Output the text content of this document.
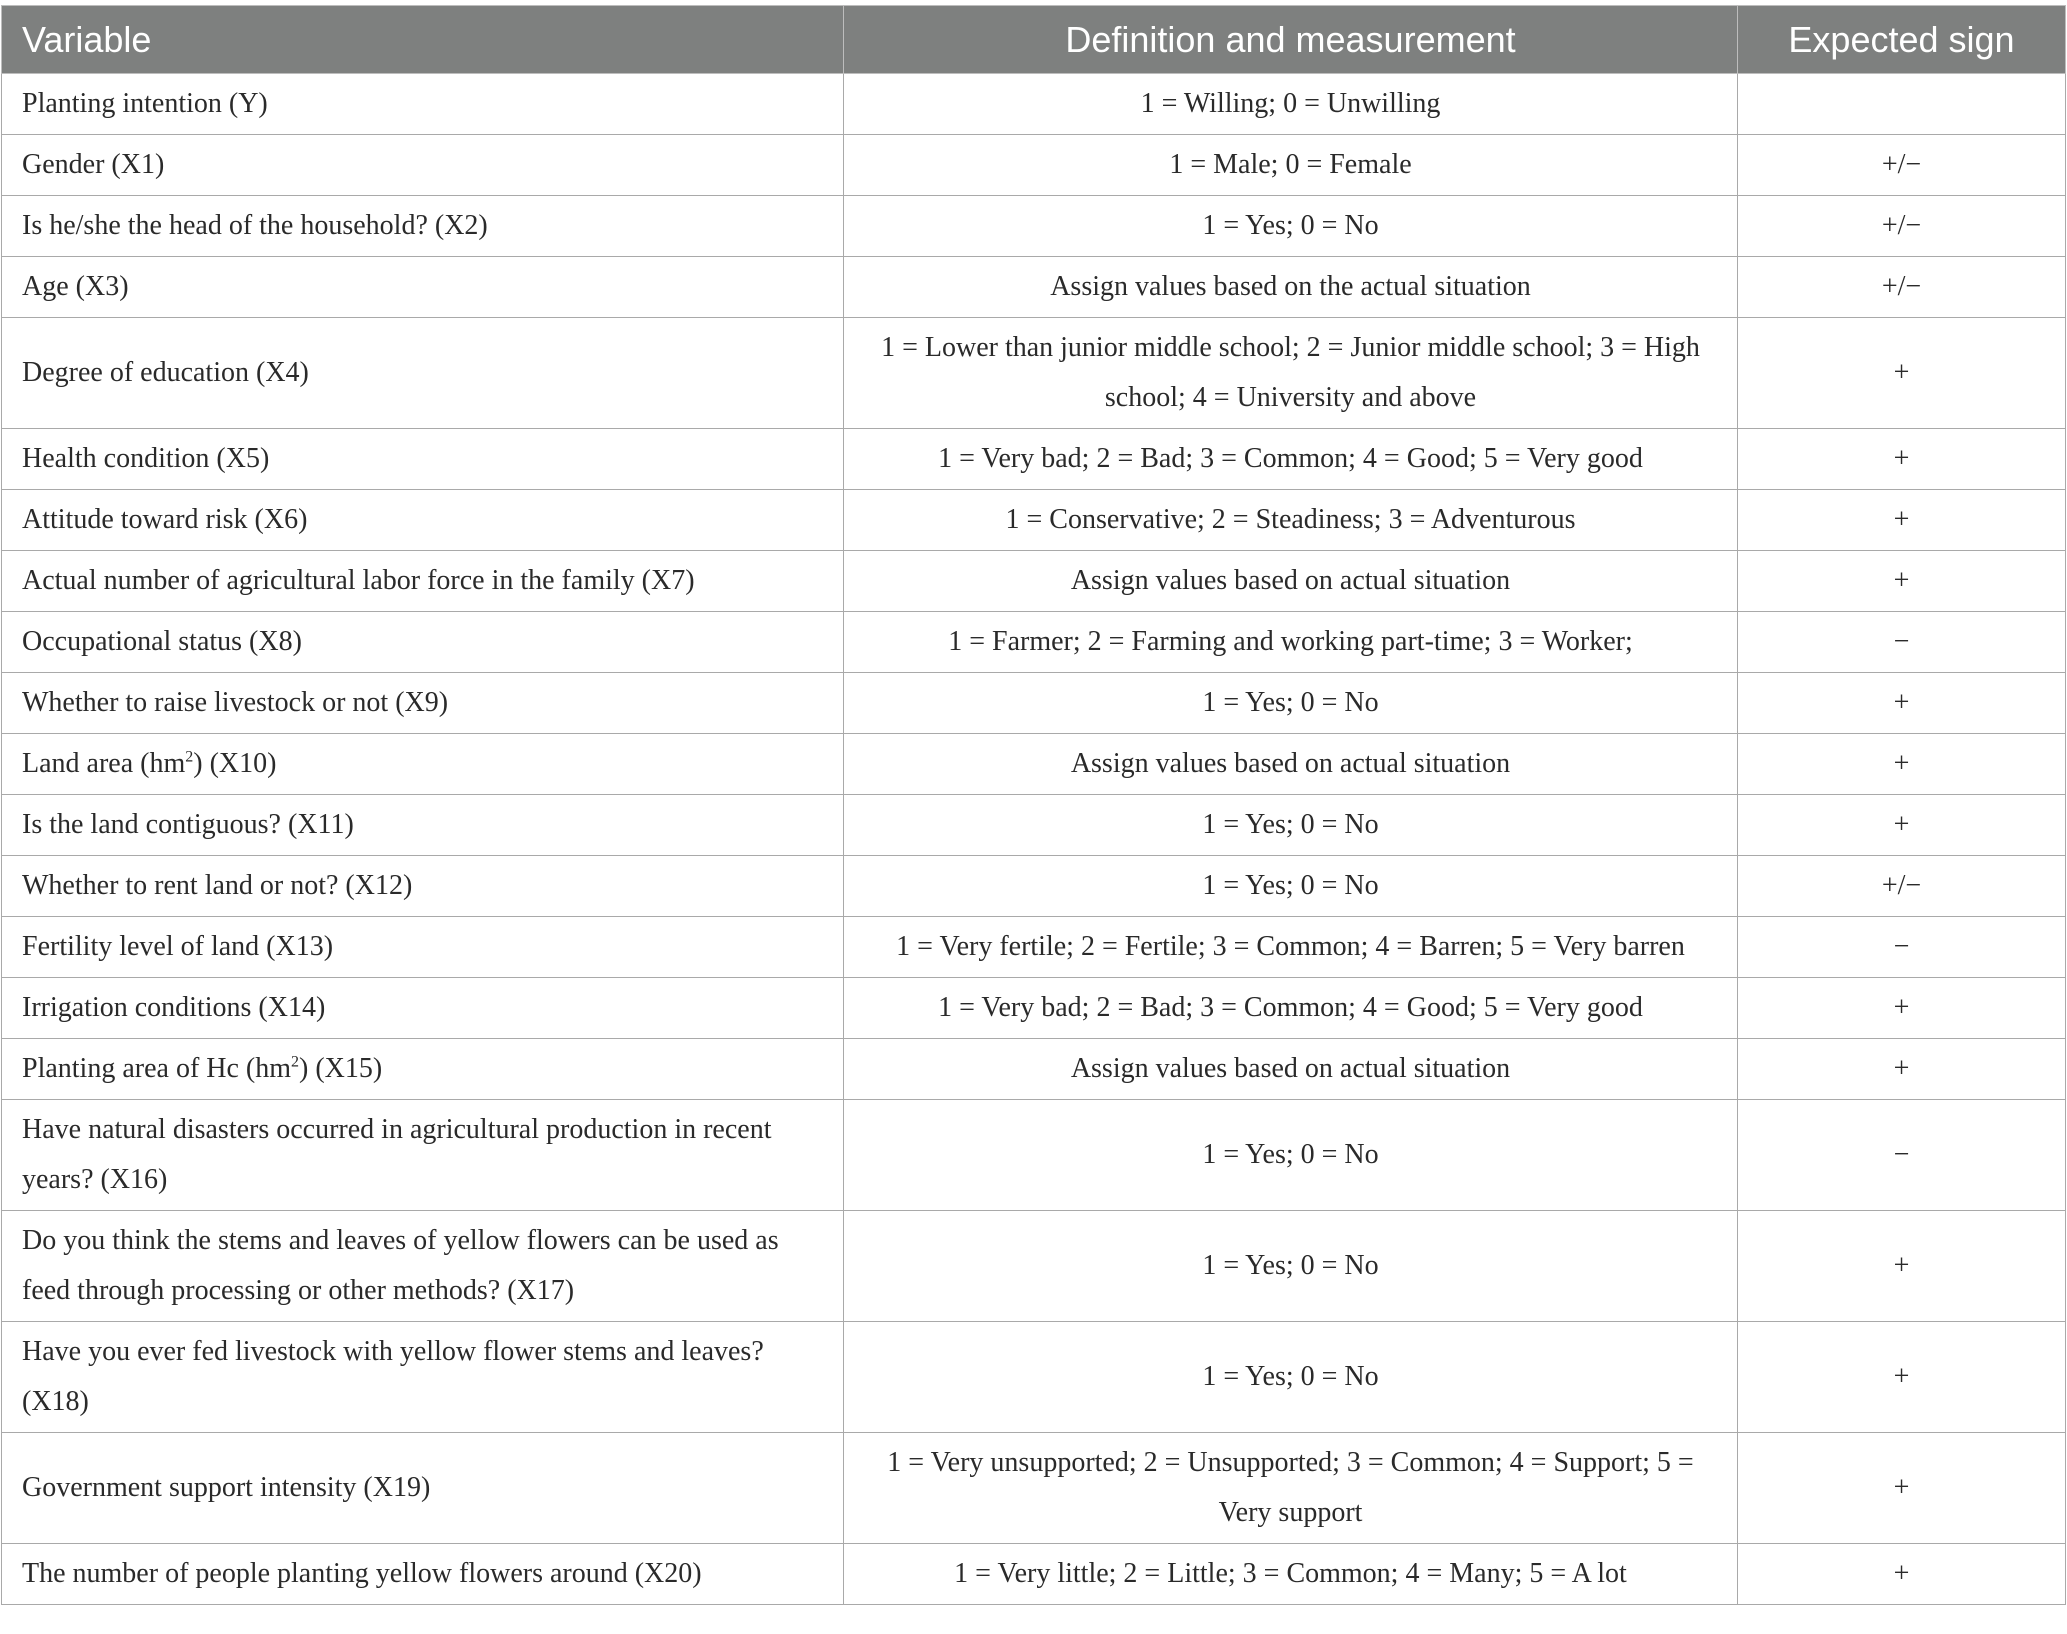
Variable	Definition and measurement	Expected sign
Planting intention (Y)	1 = Willing; 0 = Unwilling	
Gender (X1)	1 = Male; 0 = Female	+/−
Is he/she the head of the household? (X2)	1 = Yes; 0 = No	+/−
Age (X3)	Assign values based on the actual situation	+/−
Degree of education (X4)	1 = Lower than junior middle school; 2 = Junior middle school; 3 = High school; 4 = University and above	+
Health condition (X5)	1 = Very bad; 2 = Bad; 3 = Common; 4 = Good; 5 = Very good	+
Attitude toward risk (X6)	1 = Conservative; 2 = Steadiness; 3 = Adventurous	+
Actual number of agricultural labor force in the family (X7)	Assign values based on actual situation	+
Occupational status (X8)	1 = Farmer; 2 = Farming and working part-time; 3 = Worker;	−
Whether to raise livestock or not (X9)	1 = Yes; 0 = No	+
Land area $(hm^2)$ (X10)	Assign values based on actual situation	+
Is the land contiguous? (X11)	1 = Yes; 0 = No	+
Whether to rent land or not? (X12)	1 = Yes; 0 = No	+/−
Fertility level of land (X13)	1 = Very fertile; 2 = Fertile; 3 = Common; 4 = Barren; 5 = Very barren	−
Irrigation conditions (X14)	1 = Very bad; 2 = Bad; 3 = Common; 4 = Good; 5 = Very good	+
Planting area of Hc $(hm^2)$ (X15)	Assign values based on actual situation	+
Have natural disasters occurred in agricultural production in recent years? (X16)	1 = Yes; 0 = No	−
Do you think the stems and leaves of yellow flowers can be used as feed through processing or other methods? (X17)	1 = Yes; 0 = No	+
Have you ever fed livestock with yellow flower stems and leaves? (X18)	1 = Yes; 0 = No	+
Government support intensity (X19)	1 = Very unsupported; 2 = Unsupported; 3 = Common; 4 = Support; 5 = Very support	+
The number of people planting yellow flowers around (X20)	1 = Very little; 2 = Little; 3 = Common; 4 = Many; 5 = A lot	+
